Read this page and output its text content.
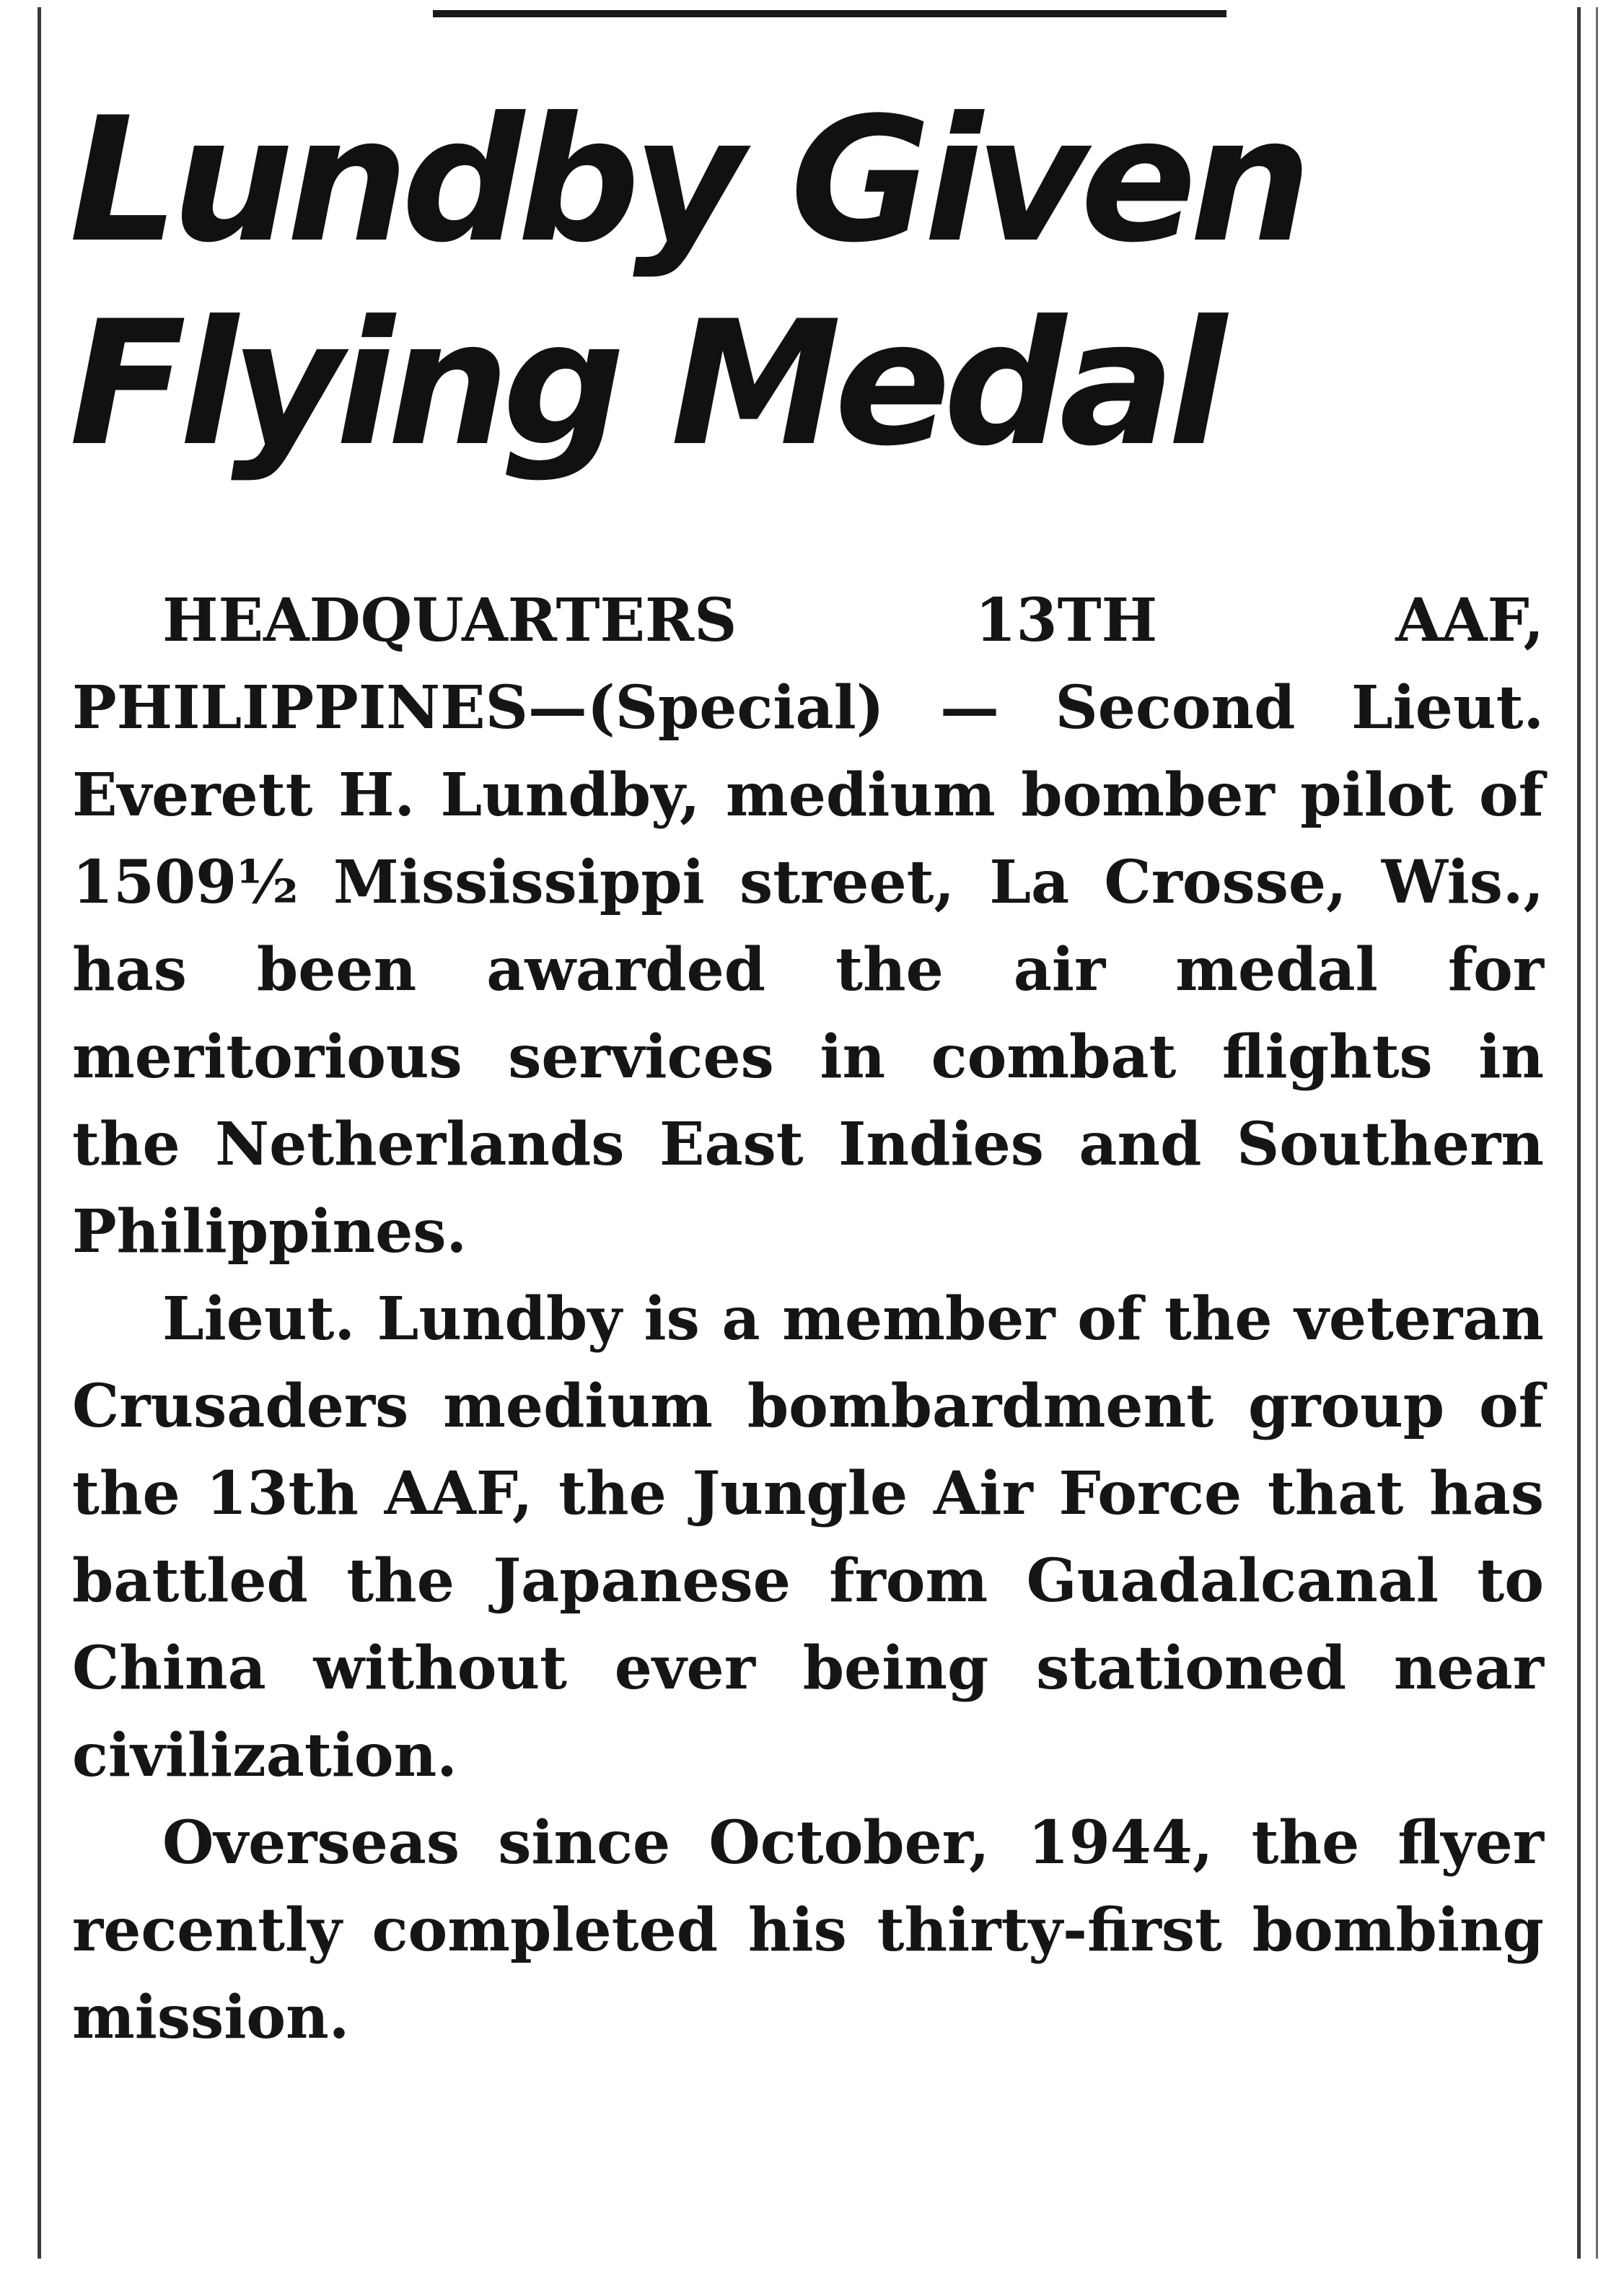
Lundby Given
Flying Medal

HEADQUARTERS 13TH AAF, PHILIPPINES—(Special) — Second Lieut. Everett H. Lundby, medium bomber pilot of 1509½ Mississippi street, La Crosse, Wis., has been awarded the air medal for meritorious services in combat flights in the Netherlands East Indies and Southern Philippines.

Lieut. Lundby is a member of the veteran Crusaders medium bombardment group of the 13th AAF, the Jungle Air Force that has battled the Japanese from Guadalcanal to China without ever being stationed near civilization.

Overseas since October, 1944, the flyer recently completed his thirty-first bombing mission.
